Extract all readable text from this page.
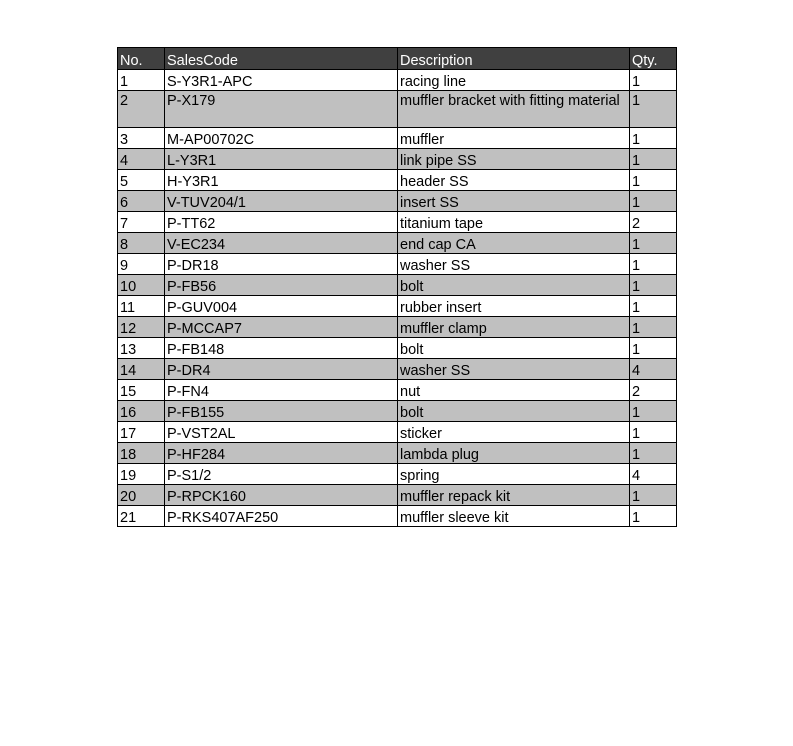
No.	SalesCode	Description	Qty.
1	S-Y3R1-APC	racing line	1
2	P-X179	muffler bracket with fitting material	1
3	M-AP00702C	muffler	1
4	L-Y3R1	link pipe SS	1
5	H-Y3R1	header SS	1
6	V-TUV204/1	insert SS	1
7	P-TT62	titanium tape	2
8	V-EC234	end cap CA	1
9	P-DR18	washer SS	1
10	P-FB56	bolt	1
11	P-GUV004	rubber insert	1
12	P-MCCAP7	muffler clamp	1
13	P-FB148	bolt	1
14	P-DR4	washer SS	4
15	P-FN4	nut	2
16	P-FB155	bolt	1
17	P-VST2AL	sticker	1
18	P-HF284	lambda plug	1
19	P-S1/2	spring	4
20	P-RPCK160	muffler repack kit	1
21	P-RKS407AF250	muffler sleeve kit	1
